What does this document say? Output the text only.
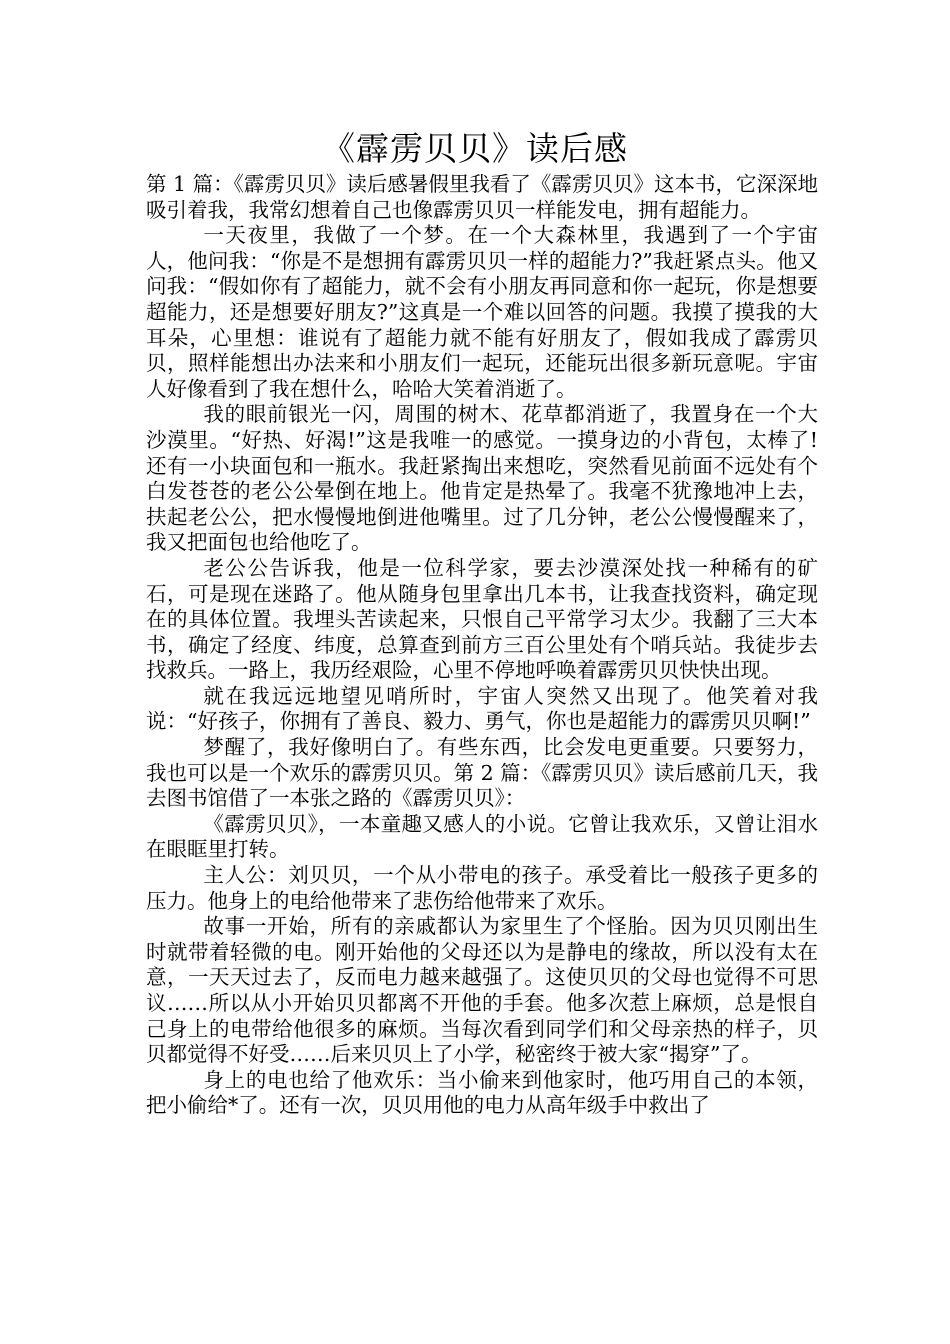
《霹雳贝贝》读后感

第 1 篇：《霹雳贝贝》读后感暑假里我看了《霹雳贝贝》这本书，它深深地吸引着我，我常幻想着自己也像霹雳贝贝一样能发电，拥有超能力。

一天夜里，我做了一个梦。在一个大森林里，我遇到了一个宇宙人，他问我：“你是不是想拥有霹雳贝贝一样的超能力?”我赶紧点头。他又问我：“假如你有了超能力，就不会有小朋友再同意和你一起玩，你是想要超能力，还是想要好朋友?”这真是一个难以回答的问题。我摸了摸我的大耳朵，心里想：谁说有了超能力就不能有好朋友了，假如我成了霹雳贝贝，照样能想出办法来和小朋友们一起玩，还能玩出很多新玩意呢。宇宙人好像看到了我在想什么，哈哈大笑着消逝了。

我的眼前银光一闪，周围的树木、花草都消逝了，我置身在一个大沙漠里。“好热、好渴!”这是我唯一的感觉。一摸身边的小背包，太棒了!还有一小块面包和一瓶水。我赶紧掏出来想吃，突然看见前面不远处有个白发苍苍的老公公晕倒在地上。他肯定是热晕了。我毫不犹豫地冲上去，扶起老公公，把水慢慢地倒进他嘴里。过了几分钟，老公公慢慢醒来了，我又把面包也给他吃了。

老公公告诉我，他是一位科学家，要去沙漠深处找一种稀有的矿石，可是现在迷路了。他从随身包里拿出几本书，让我查找资料，确定现在的具体位置。我埋头苦读起来，只恨自己平常学习太少。我翻了三大本书，确定了经度、纬度，总算查到前方三百公里处有个哨兵站。我徒步去找救兵。一路上，我历经艰险，心里不停地呼唤着霹雳贝贝快快出现。

就在我远远地望见哨所时，宇宙人突然又出现了。他笑着对我说：“好孩子，你拥有了善良、毅力、勇气，你也是超能力的霹雳贝贝啊!”

梦醒了，我好像明白了。有些东西，比会发电更重要。只要努力，我也可以是一个欢乐的霹雳贝贝。第 2 篇：《霹雳贝贝》读后感前几天，我去图书馆借了一本张之路的《霹雳贝贝》：

《霹雳贝贝》，一本童趣又感人的小说。它曾让我欢乐，又曾让泪水在眼眶里打转。

主人公：刘贝贝，一个从小带电的孩子。承受着比一般孩子更多的压力。他身上的电给他带来了悲伤给他带来了欢乐。

故事一开始，所有的亲戚都认为家里生了个怪胎。因为贝贝刚出生时就带着轻微的电。刚开始他的父母还以为是静电的缘故，所以没有太在意，一天天过去了，反而电力越来越强了。这使贝贝的父母也觉得不可思议……所以从小开始贝贝都离不开他的手套。他多次惹上麻烦，总是恨自己身上的电带给他很多的麻烦。当每次看到同学们和父母亲热的样子，贝贝都觉得不好受……后来贝贝上了小学，秘密终于被大家“揭穿”了。

身上的电也给了他欢乐：当小偷来到他家时，他巧用自己的本领，把小偷给*了。还有一次，贝贝用他的电力从高年级手中救出了
